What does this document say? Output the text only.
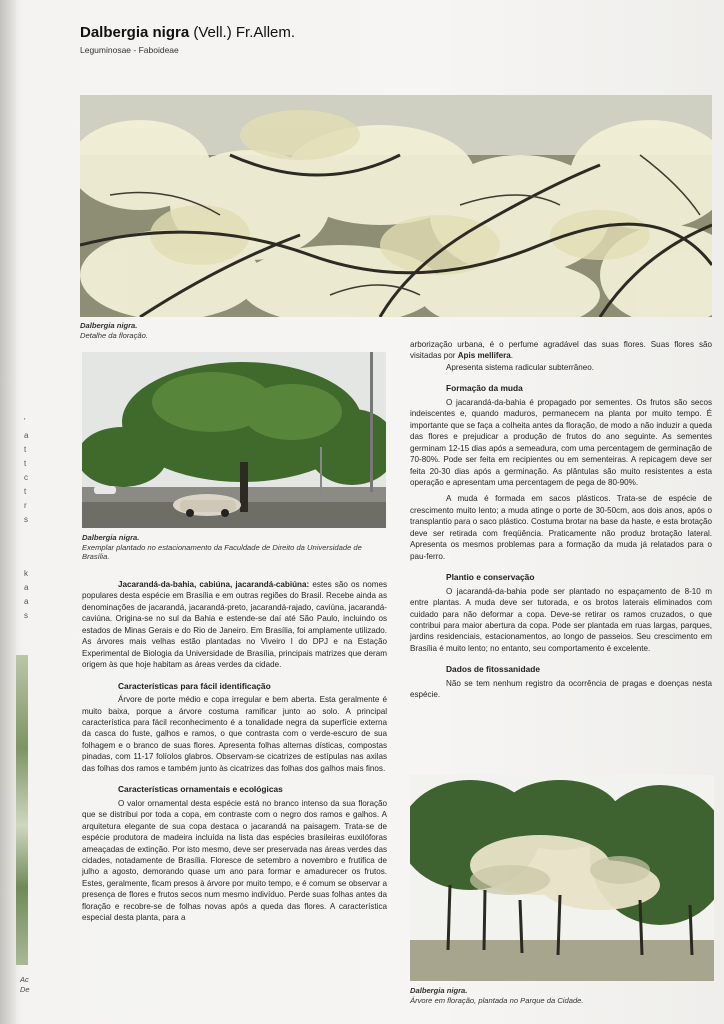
Dalbergia nigra (Vell.) Fr.Allem.
Leguminosae - Faboideae
Dalbergia nigra.
Detalhe da floração.
Dalbergia nigra.
Exemplar plantado no estacionamento da Faculdade de Direito da Universidade de Brasília.
Dalbergia nigra.
Árvore em floração, plantada no Parque da Cidade.

Jacarandá-da-bahia, cabiúna, jacarandá-cabiúna: estes são os nomes populares desta espécie em Brasília e em outras regiões do Brasil. Recebe ainda as denominações de jacarandá, jacarandá-preto, jacarandá-rajado, caviúna, jacarandá-caviúna. Origina-se no sul da Bahia e estende-se daí até São Paulo, incluindo os estados de Minas Gerais e do Rio de Janeiro. Em Brasília, foi amplamente utilizado. As árvores mais velhas estão plantadas no Viveiro I do DPJ e na Estação Experimental de Biologia da Universidade de Brasília, principais matrizes que deram origem às que hoje habitam as áreas verdes da cidade.

Características para fácil identificação

Árvore de porte médio e copa irregular e bem aberta. Esta geralmente é muito baixa, porque a árvore costuma ramificar junto ao solo. A principal característica para fácil reconhecimento é a tonalidade negra da superfície externa da casca do fuste, galhos e ramos, o que contrasta com o verde-escuro de sua folhagem e o branco de suas flores. Apresenta folhas alternas dísticas, compostas pinadas, com 11-17 folíolos glabros. Observam-se cicatrizes de estípulas nas axilas das folhas dos ramos e também junto às cicatrizes das folhas dos galhos mais finos.

Características ornamentais e ecológicas

O valor ornamental desta espécie está no branco intenso da sua floração que se distribui por toda a copa, em contraste com o negro dos ramos e galhos. A arquitetura elegante de sua copa destaca o jacarandá na paisagem. Trata-se de espécie produtora de madeira incluída na lista das espécies brasileiras euxilóforas ameaçadas de extinção. Por isto mesmo, deve ser preservada nas áreas verdes das cidades, notadamente de Brasília. Floresce de setembro a novembro e frutifica de julho a agosto, demorando quase um ano para formar e amadurecer os frutos. Estes, geralmente, ficam presos à árvore por muito tempo, e é comum se observar a presença de flores e frutos secos num mesmo indivíduo. Perde suas folhas antes da floração e recobre-se de folhas novas após a queda das flores. A característica especial desta planta, para a

arborização urbana, é o perfume agradável das suas flores. Suas flores são visitadas por Apis mellifera.

Apresenta sistema radicular subterrâneo.

Formação da muda

O jacarandá-da-bahia é propagado por sementes. Os frutos são secos indeiscentes e, quando maduros, permanecem na planta por muito tempo. É importante que se faça a colheita antes da floração, de modo a não induzir a queda das flores e prejudicar a produção de frutos do ano seguinte. As sementes germinam 12-15 dias após a semeadura, com uma percentagem de germinação de 70-80%. Pode ser feita em recipientes ou em sementeiras. A repicagem deve ser feita 20-30 dias após a germinação. As plântulas são muito resistentes a esta operação e apresentam uma percentagem de pega de 80-90%.

A muda é formada em sacos plásticos. Trata-se de espécie de crescimento muito lento; a muda atinge o porte de 30-50cm, aos dois anos, após o transplantio para o saco plástico. Costuma brotar na base da haste, e esta brotação deve ser retirada com freqüência. Praticamente não produz brotação lateral. Apresenta os mesmos problemas para a formação da muda já relatados para o pau-ferro.

Plantio e conservação

O jacarandá-da-bahia pode ser plantado no espaçamento de 8-10 m entre plantas. A muda deve ser tutorada, e os brotos laterais eliminados com cuidado para não deformar a copa. Deve-se retirar os ramos cruzados, o que contribui para maior abertura da copa. Pode ser plantada em ruas largas, parques, jardins residenciais, estacionamentos, ao longo de passeios. Seu crescimento em Brasília é muito lento; no entanto, seu comportamento é excelente.

Dados de fitossanidade

Não se tem nenhum registro da ocorrência de pragas e doenças nesta espécie.

'
a
t
t
c
t
r
s
k
a
a
s
Ac
De
